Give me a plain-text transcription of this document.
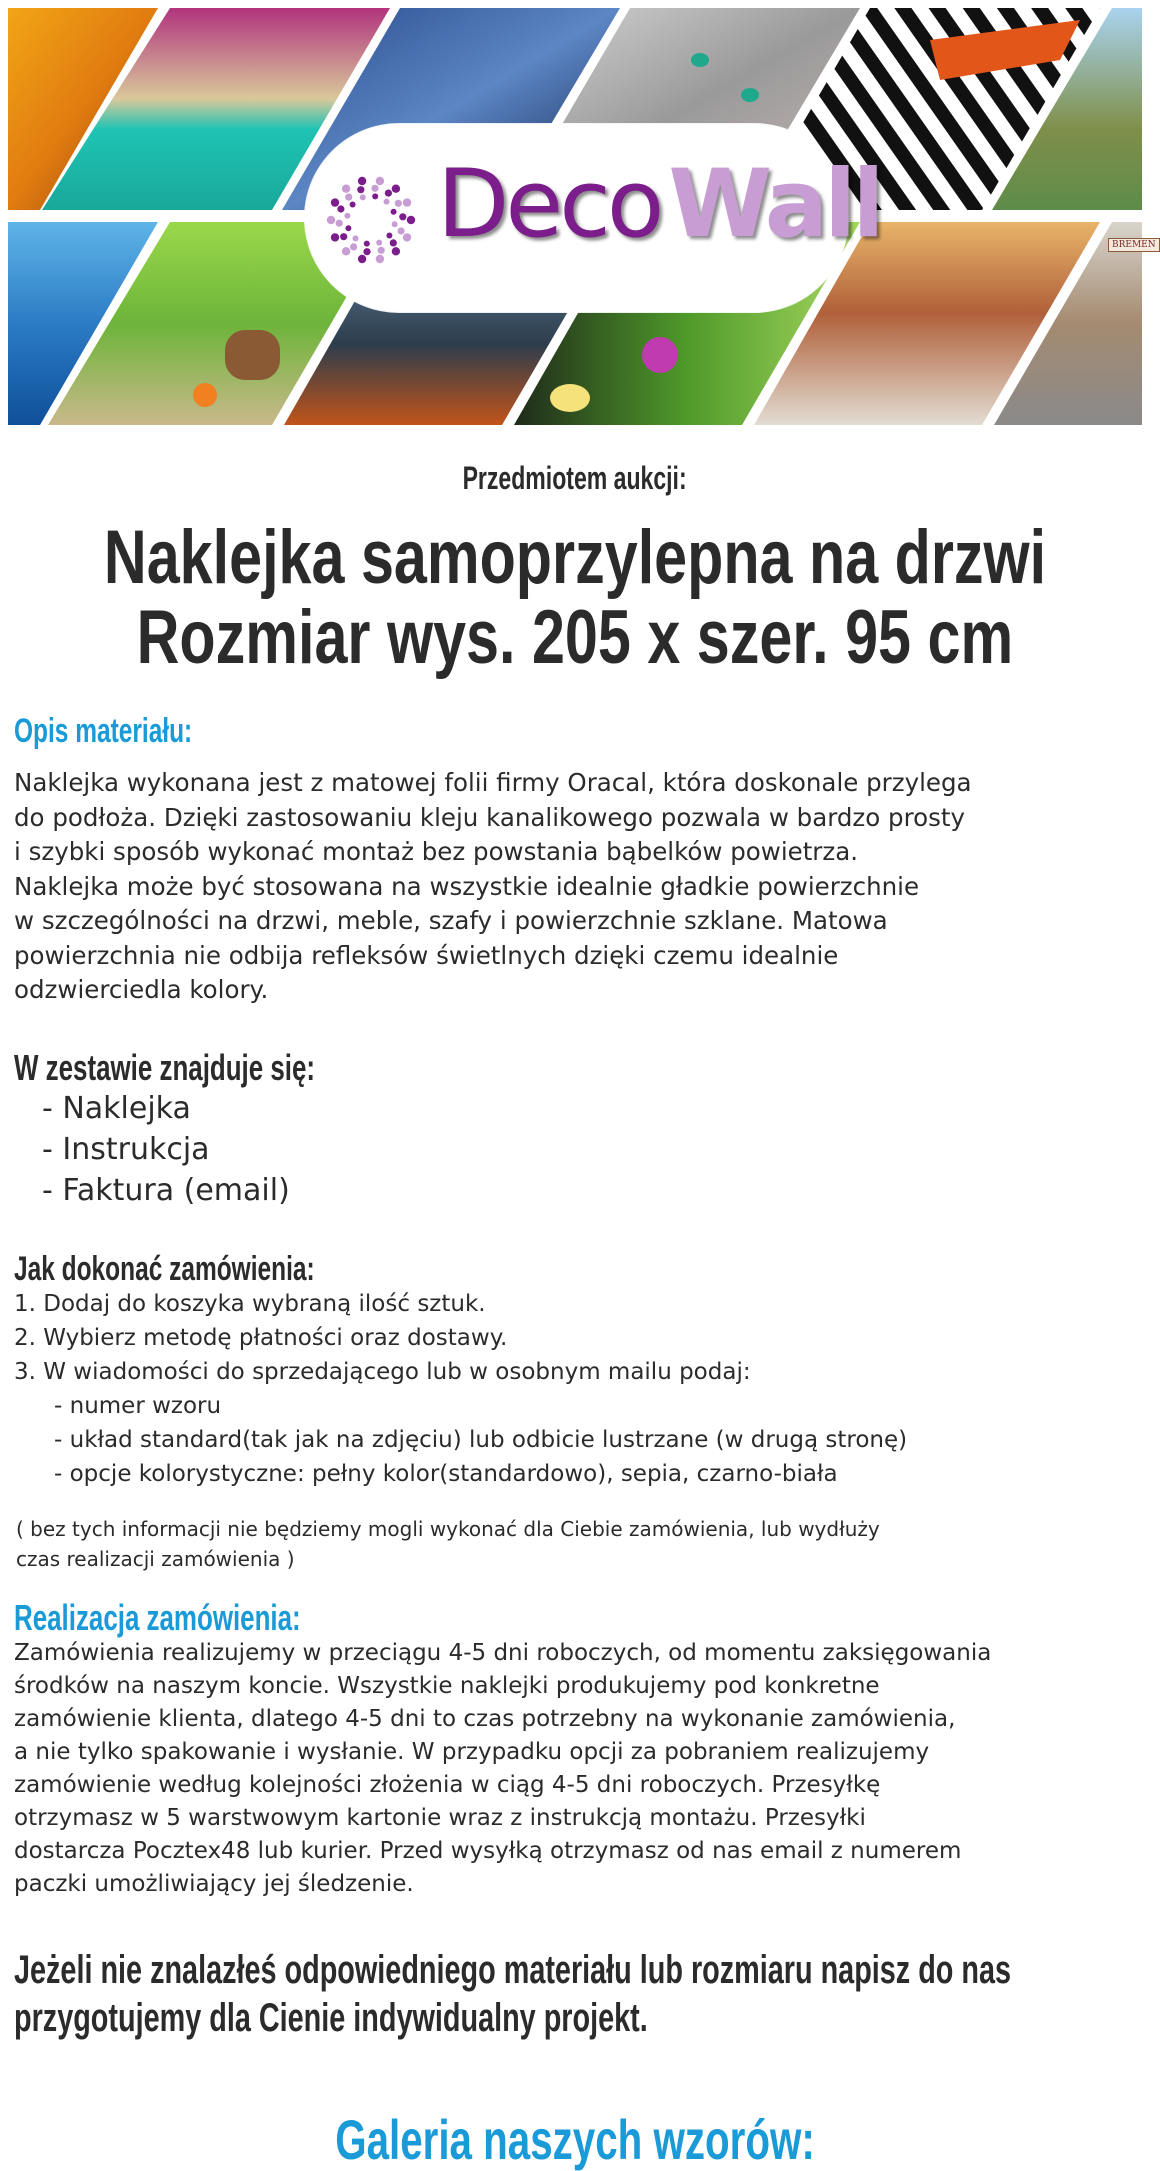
BREMEN
DecoWall
Przedmiotem aukcji:
Naklejka samoprzylepna na drzwi
Rozmiar wys. 205 x szer. 95 cm
Opis materiału:
Naklejka wykonana jest z matowej folii firmy Oracal, która doskonale przylega
do podłoża. Dzięki zastosowaniu kleju kanalikowego pozwala w bardzo prosty
i szybki sposób wykonać montaż bez powstania bąbelków powietrza.
Naklejka może być stosowana na wszystkie idealnie gładkie powierzchnie
w szczególności na drzwi, meble, szafy i powierzchnie szklane. Matowa
powierzchnia nie odbija refleksów świetlnych dzięki czemu idealnie
odzwierciedla kolory.
W zestawie znajduje się:
- Naklejka
- Instrukcja
- Faktura (email)
Jak dokonać zamówienia:
1. Dodaj do koszyka wybraną ilość sztuk.
2. Wybierz metodę płatności oraz dostawy.
3. W wiadomości do sprzedającego lub w osobnym mailu podaj:
- numer wzoru
- układ standard(tak jak na zdjęciu) lub odbicie lustrzane (w drugą stronę)
- opcje kolorystyczne: pełny kolor(standardowo), sepia, czarno-biała
( bez tych informacji nie będziemy mogli wykonać dla Ciebie zamówienia, lub wydłuży
czas realizacji zamówienia )
Realizacja zamówienia:
Zamówienia realizujemy w przeciągu 4-5 dni roboczych, od momentu zaksięgowania
środków na naszym koncie. Wszystkie naklejki produkujemy pod konkretne
zamówienie klienta, dlatego 4-5 dni to czas potrzebny na wykonanie zamówienia,
a nie tylko spakowanie i wysłanie. W przypadku opcji za pobraniem realizujemy
zamówienie według kolejności złożenia w ciąg 4-5 dni roboczych. Przesyłkę
otrzymasz w 5 warstwowym kartonie wraz z instrukcją montażu. Przesyłki
dostarcza Pocztex48 lub kurier. Przed wysyłką otrzymasz od nas email z numerem
paczki umożliwiający jej śledzenie.
Jeżeli nie znalazłeś odpowiedniego materiału lub rozmiaru napisz do nas
przygotujemy dla Cienie indywidualny projekt.
Galeria naszych wzorów:
